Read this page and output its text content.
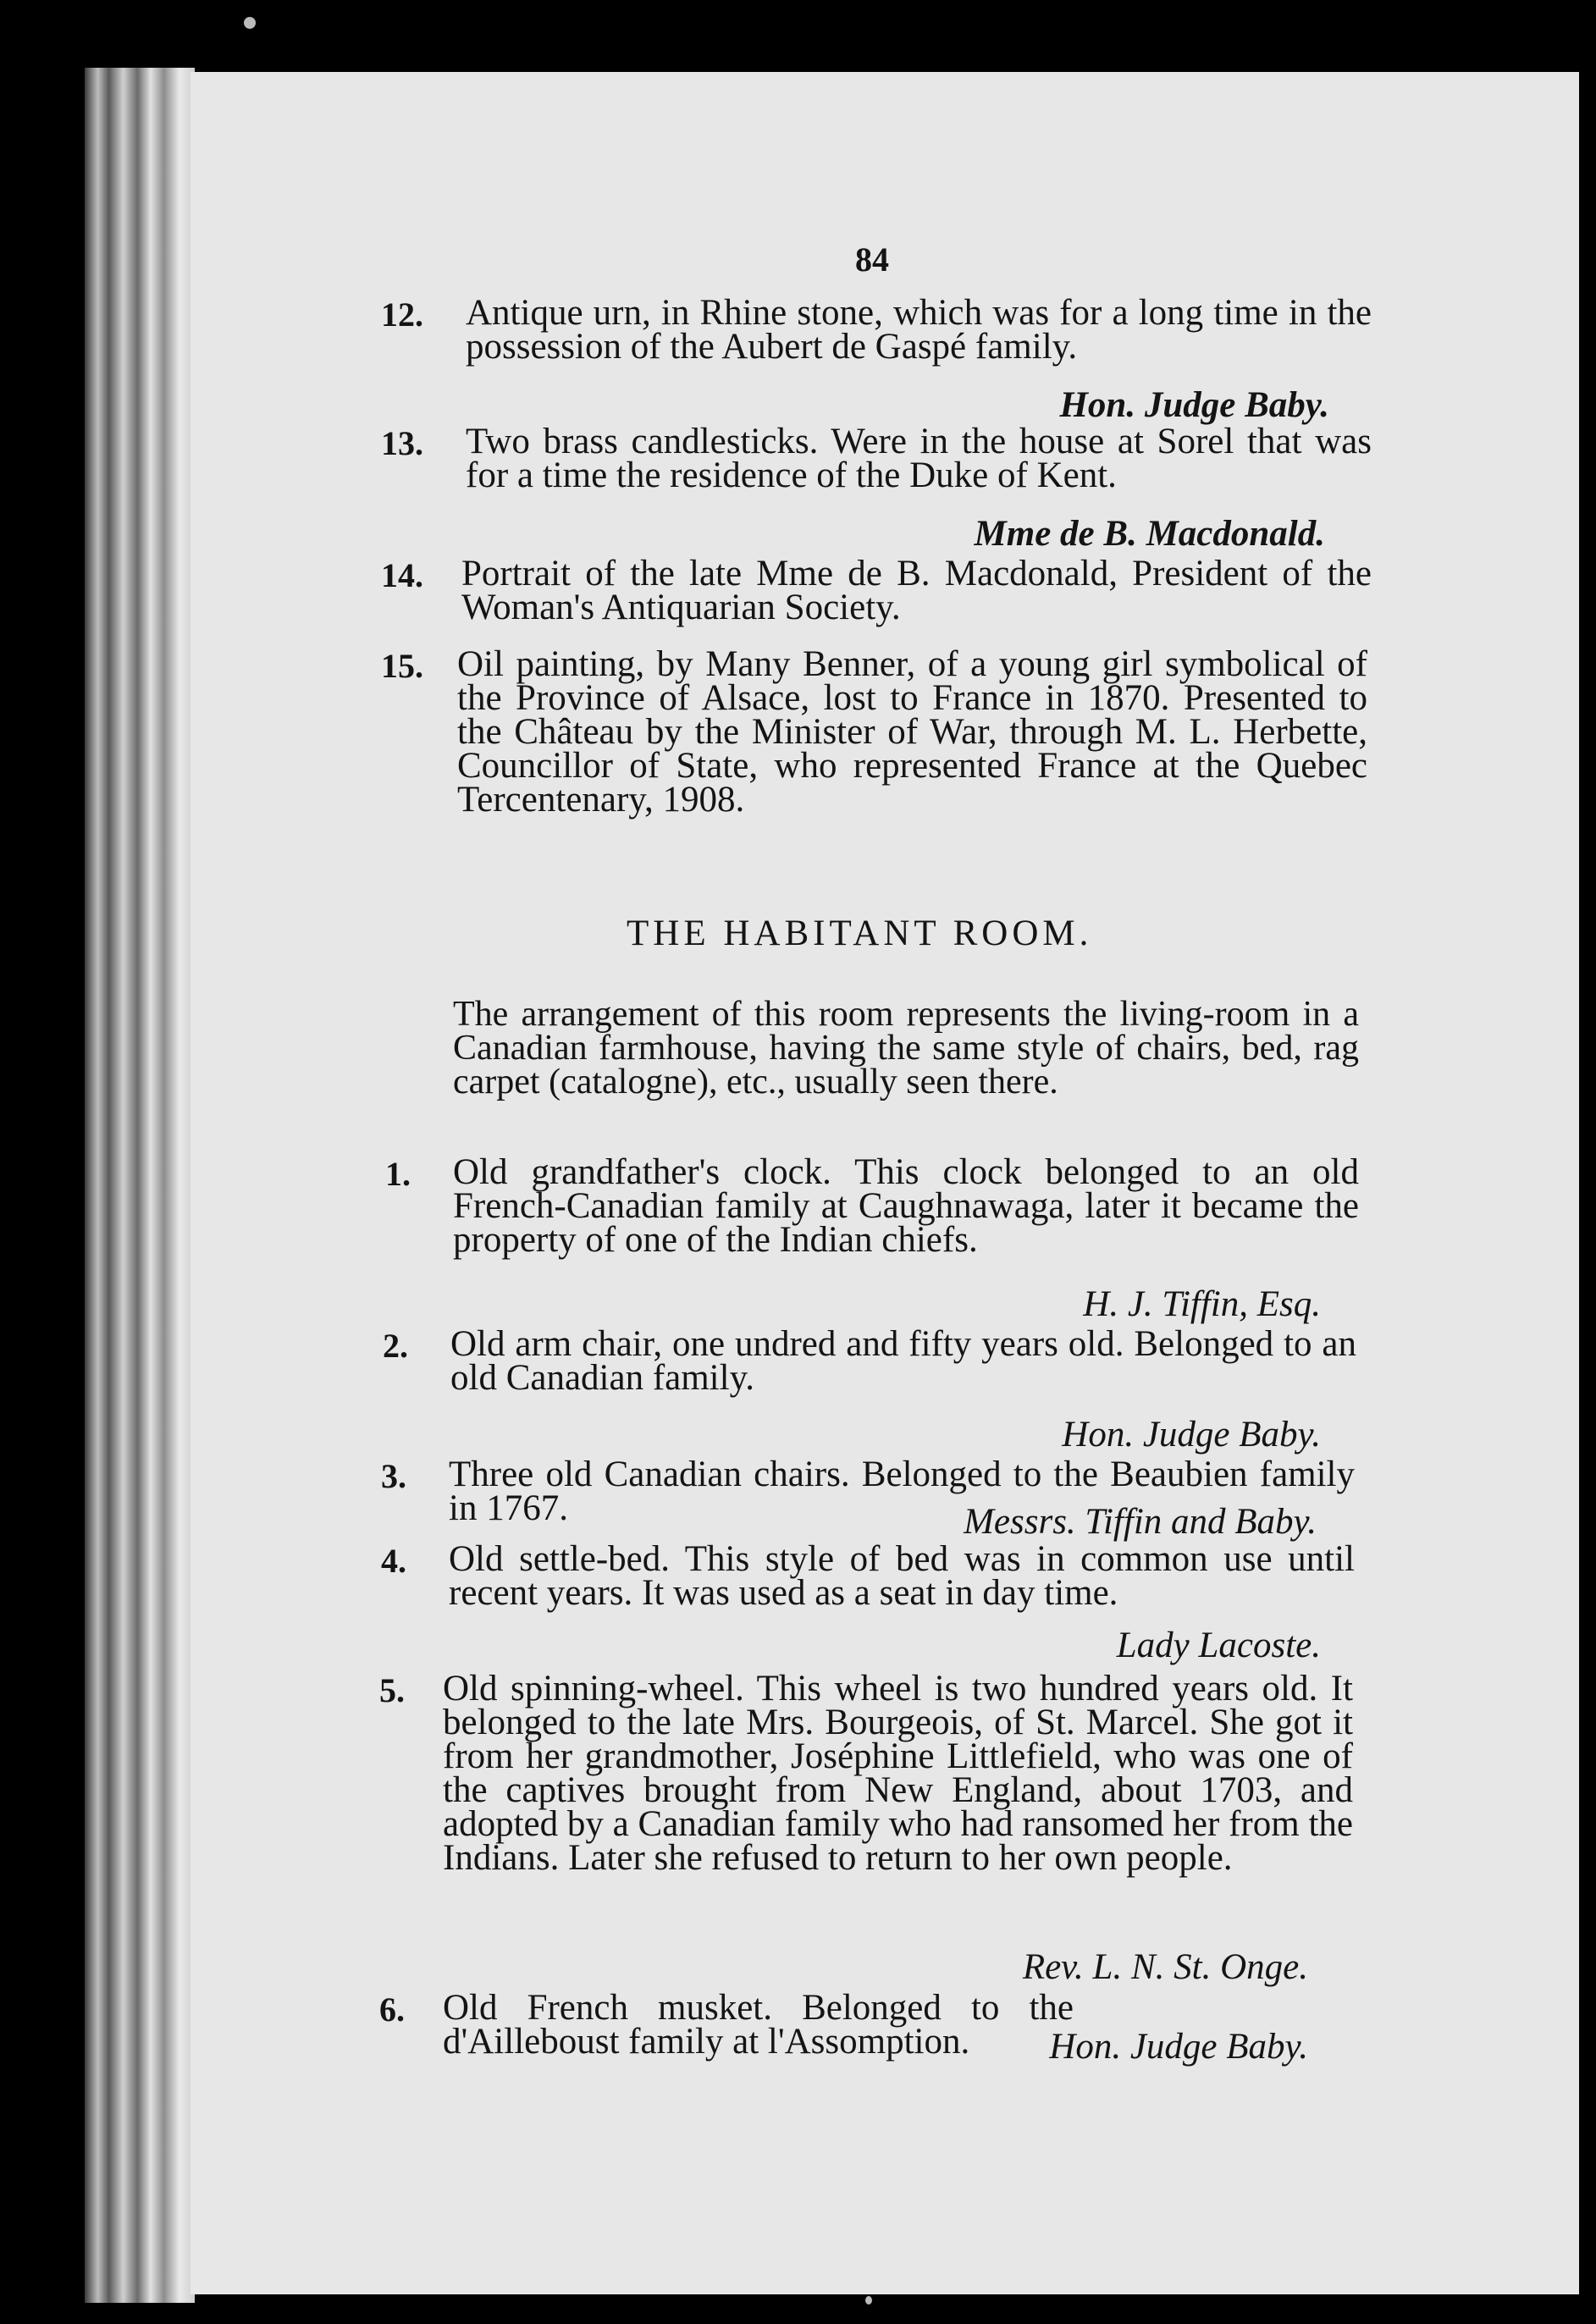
84
12.	Antique urn, in Rhine stone, which was for a long time in the possession of the Aubert de Gaspé family.
Hon. Judge Baby.
13.	Two brass candlesticks. Were in the house at Sorel that was for a time the residence of the Duke of Kent.
Mme de B. Macdonald.
14.	Portrait of the late Mme de B. Macdonald, President of the Woman's Antiquarian Society.
15. Oil painting, by Many Benner, of a young girl symbolical of the Province of Alsace, lost to France in 1870. Presented to the Château by the Minister of War, through M. L. Herbette, Councillor of State, who represented France at the Quebec Tercentenary, 1908.
THE HABITANT ROOM.
The arrangement of this room represents the living-room in a Canadian farmhouse, having the same style of chairs, bed, rag carpet (catalogne), etc., usually seen there.
1.	Old grandfather's clock. This clock belonged to an old French-Canadian family at Caughnawaga, later it became the property of one of the Indian chiefs.
H. J. Tiffin, Esq.
2.	Old arm chair, one undred and fifty years old. Belonged to an old Canadian family.
Hon. Judge Baby.
3.	Three old Canadian chairs. Belonged to the Beaubien family in 1767.	Messrs. Tiffin and Baby.
4.	Old settle-bed. This style of bed was in common use until recent years. It was used as a seat in day time.
Lady Lacoste.
5.	Old spinning-wheel. This wheel is two hundred years old. It belonged to the late Mrs. Bourgeois, of St. Marcel. She got it from her grandmother, Joséphine Littlefield, who was one of the captives brought from New England, about 1703, and adopted by a Canadian family who had ransomed her from the Indians. Later she refused to return to her own people.
Rev. L. N. St. Onge.
6.	Old French musket. Belonged to the d'Ailleboust family at l'Assomption.	Hon. Judge Baby.
